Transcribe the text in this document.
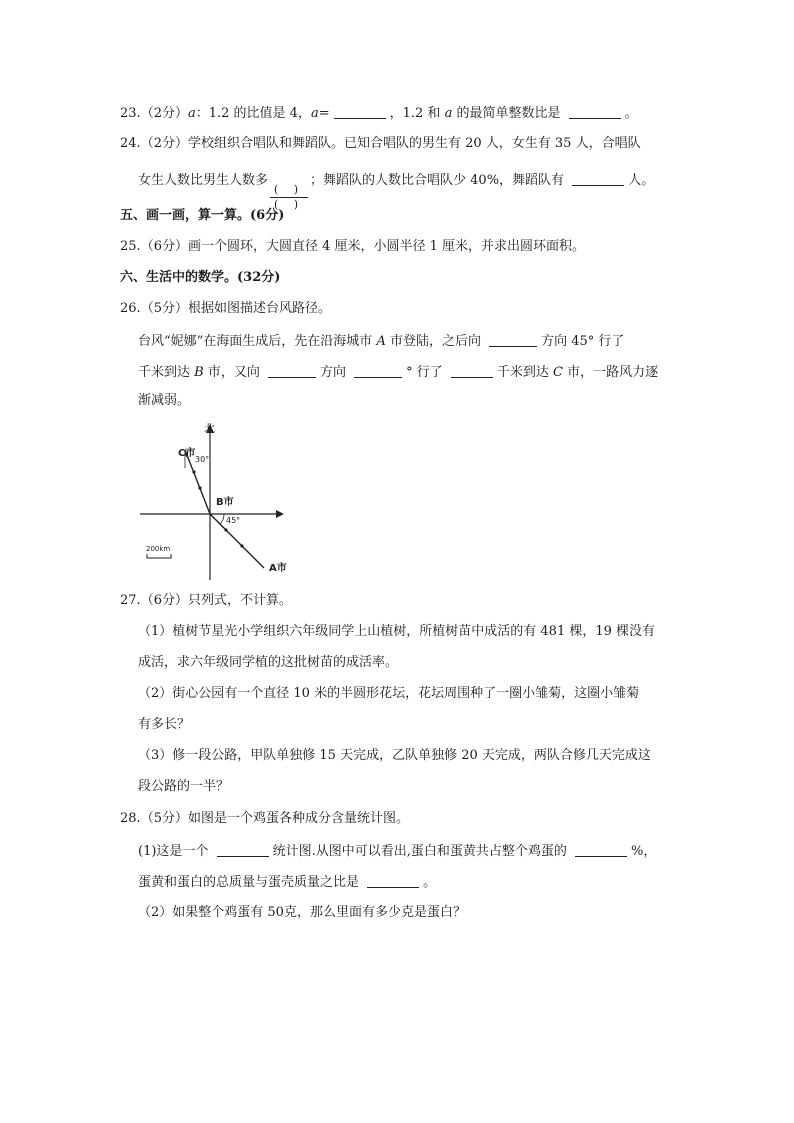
23.（2分）a：1.2 的比值是 4，a=	，1.2 和 a 的最简单整数比是	。
24.（2分）学校组织合唱队和舞蹈队。已知合唱队的男生有 20 人，女生有 35 人，合唱队
女生人数比男生人数多
$\frac{( )}{( )}$
；舞蹈队的人数比合唱队少 40%，舞蹈队有	人。
五、画一画，算一算。(6分)
25.（6分）画一个圆环，大圆直径 4 厘米，小圆半径 1 厘米，并求出圆环面积。
六、生活中的数学。(32分)
26.（5分）根据如图描述台风路径。
台风“妮娜”在海面生成后，先在沿海城市 A 市登陆，之后向	方向 45° 行了
千米到达 B 市，又向	方向	° 行了	千米到达 C 市，一路风力逐
渐减弱。
北
C市
30°
B市
45°
A市
200km
27.（6分）只列式，不计算。
（1）植树节星光小学组织六年级同学上山植树，所植树苗中成活的有 481 棵，19 棵没有
成活，求六年级同学植的这批树苗的成活率。
（2）街心公园有一个直径 10 米的半圆形花坛，花坛周围种了一圈小雏菊，这圈小雏菊
有多长？
（3）修一段公路，甲队单独修 15 天完成，乙队单独修 20 天完成，两队合修几天完成这
段公路的一半？
28.（5分）如图是一个鸡蛋各种成分含量统计图。
(1)这是一个	统计图.从图中可以看出,蛋白和蛋黄共占整个鸡蛋的	%，
蛋黄和蛋白的总质量与蛋壳质量之比是	。
（2）如果整个鸡蛋有 50克，那么里面有多少克是蛋白？
